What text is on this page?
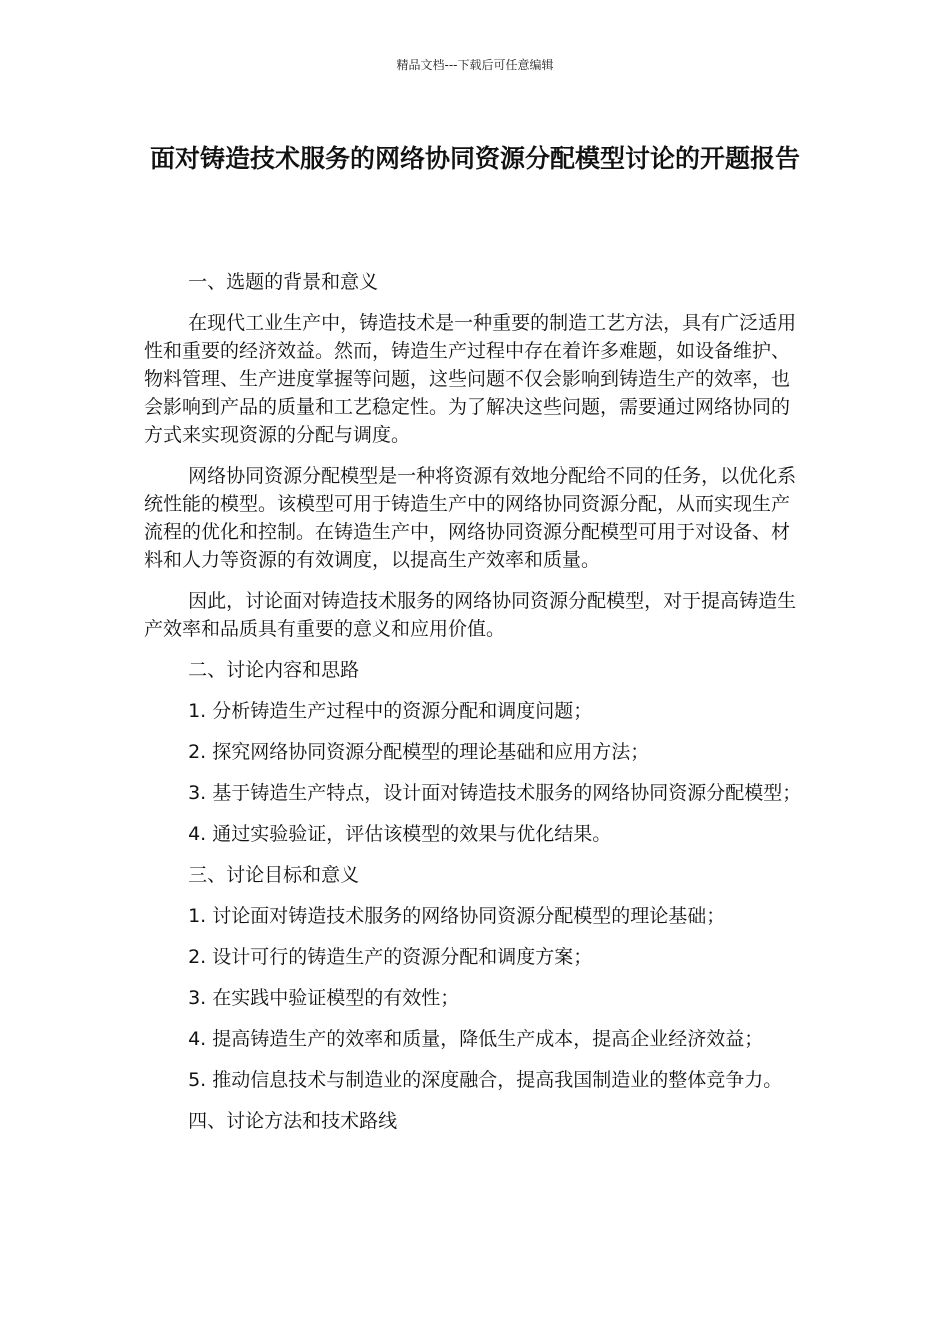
精品文档---下载后可任意编辑
面对铸造技术服务的网络协同资源分配模型讨论的开题报告
一、选题的背景和意义

在现代工业生产中，铸造技术是一种重要的制造工艺方法，具有广泛适用性和重要的经济效益。然而，铸造生产过程中存在着许多难题，如设备维护、物料管理、生产进度掌握等问题，这些问题不仅会影响到铸造生产的效率，也会影响到产品的质量和工艺稳定性。为了解决这些问题，需要通过网络协同的方式来实现资源的分配与调度。

网络协同资源分配模型是一种将资源有效地分配给不同的任务，以优化系统性能的模型。该模型可用于铸造生产中的网络协同资源分配，从而实现生产流程的优化和控制。在铸造生产中，网络协同资源分配模型可用于对设备、材料和人力等资源的有效调度，以提高生产效率和质量。

因此，讨论面对铸造技术服务的网络协同资源分配模型，对于提高铸造生产效率和品质具有重要的意义和应用价值。

二、讨论内容和思路

1. 分析铸造生产过程中的资源分配和调度问题；

2. 探究网络协同资源分配模型的理论基础和应用方法；

3. 基于铸造生产特点，设计面对铸造技术服务的网络协同资源分配模型；

4. 通过实验验证，评估该模型的效果与优化结果。

三、讨论目标和意义

1. 讨论面对铸造技术服务的网络协同资源分配模型的理论基础；

2. 设计可行的铸造生产的资源分配和调度方案；

3. 在实践中验证模型的有效性；

4. 提高铸造生产的效率和质量，降低生产成本，提高企业经济效益；

5. 推动信息技术与制造业的深度融合，提高我国制造业的整体竞争力。

四、讨论方法和技术路线
